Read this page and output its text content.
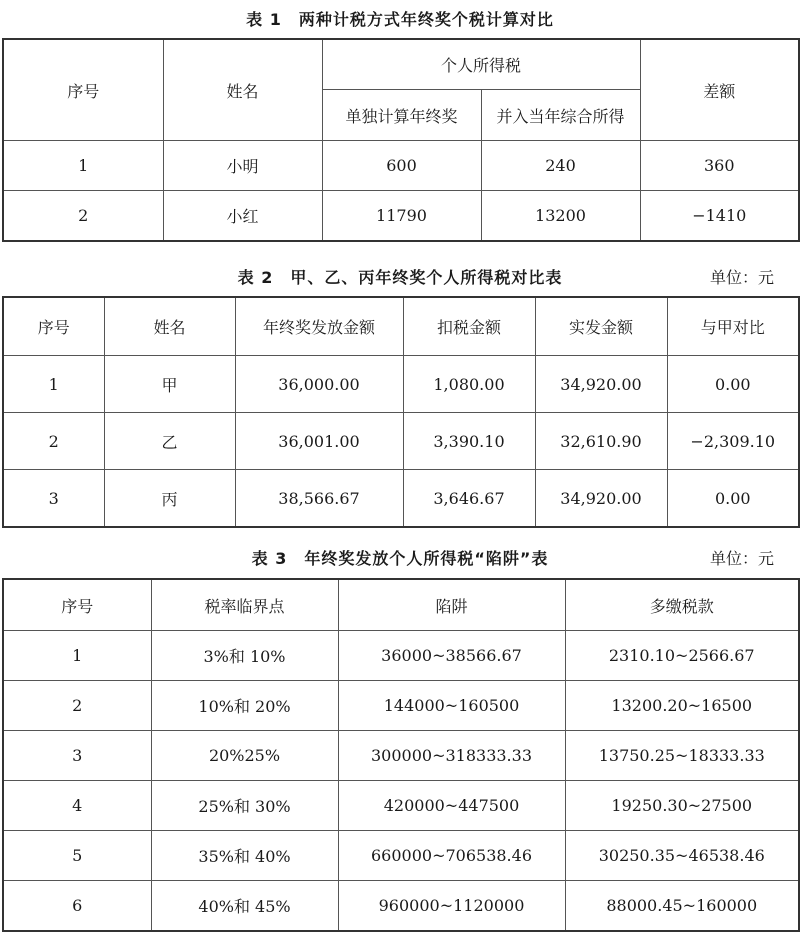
表 1　两种计税方式年终奖个税计算对比
序号	姓名	个人所得税		差额
		单独计算年终奖	并入当年综合所得	
1	小明	600	240	360
2	小红	11790	13200	−1410
表 2　甲、乙、丙年终奖个人所得税对比表	单位：元
序号	姓名	年终奖发放金额	扣税金额	实发金额	与甲对比
1	甲	36,000.00	1,080.00	34,920.00	0.00
2	乙	36,001.00	3,390.10	32,610.90	−2,309.10
3	丙	38,566.67	3,646.67	34,920.00	0.00
表 3　年终奖发放个人所得税“陷阱”表	单位：元
序号	税率临界点	陷阱	多缴税款
1	3%和 10%	36000~38566.67	2310.10~2566.67
2	10%和 20%	144000~160500	13200.20~16500
3	20%25%	300000~318333.33	13750.25~18333.33
4	25%和 30%	420000~447500	19250.30~27500
5	35%和 40%	660000~706538.46	30250.35~46538.46
6	40%和 45%	960000~1120000	88000.45~160000
